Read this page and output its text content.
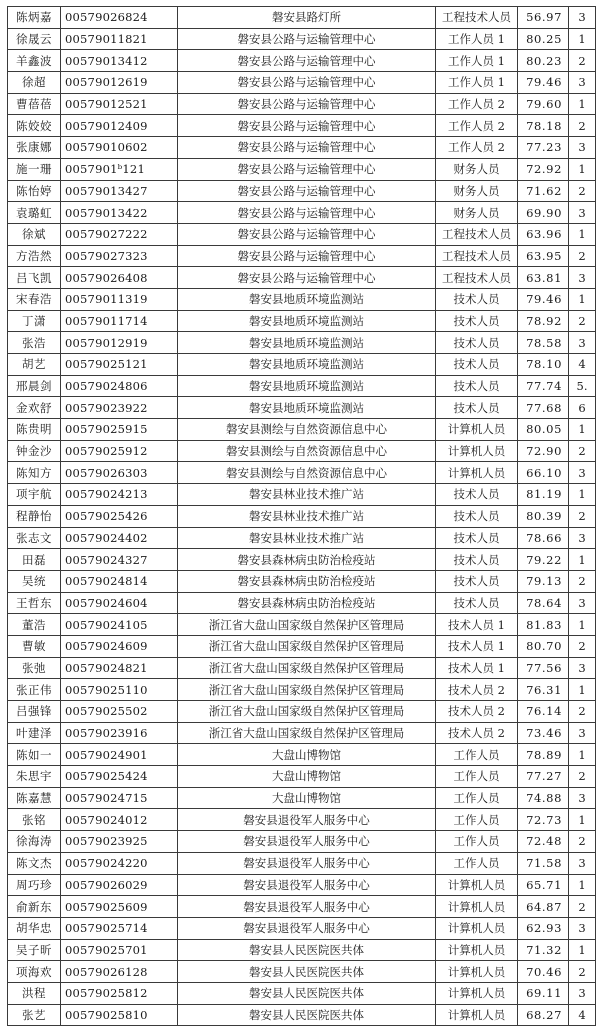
陈炳嘉	00579026824	磐安县路灯所	工程技术人员	56.97	3
徐晟云	00579011821	磐安县公路与运输管理中心	工作人员 1	80.25	1
羊鑫波	00579013412	磐安县公路与运输管理中心	工作人员 1	80.23	2
徐超	00579012619	磐安县公路与运输管理中心	工作人员 1	79.46	3
曹蓓蓓	00579012521	磐安县公路与运输管理中心	工作人员 2	79.60	1
陈姣姣	00579012409	磐安县公路与运输管理中心	工作人员 2	78.18	2
张康娜	00579010602	磐安县公路与运输管理中心	工作人员 2	77.23	3
施一珊	0057901ᵇ121	磐安县公路与运输管理中心	财务人员	72.92	1
陈怡婷	00579013427	磐安县公路与运输管理中心	财务人员	71.62	2
袁璐虹	00579013422	磐安县公路与运输管理中心	财务人员	69.90	3
徐斌	00579027222	磐安县公路与运输管理中心	工程技术人员	63.96	1
方浩然	00579027323	磐安县公路与运输管理中心	工程技术人员	63.95	2
吕飞凯	00579026408	磐安县公路与运输管理中心	工程技术人员	63.81	3
宋春浩	00579011319	磐安县地质环境监测站	技术人员	79.46	1
丁潇	00579011714	磐安县地质环境监测站	技术人员	78.92	2
张浩	00579012919	磐安县地质环境监测站	技术人员	78.58	3
胡艺	00579025121	磐安县地质环境监测站	技术人员	78.10	4
邢晨剑	00579024806	磐安县地质环境监测站	技术人员	77.74	5.
金欢舒	00579023922	磐安县地质环境监测站	技术人员	77.68	6
陈贵明	00579025915	磐安县测绘与自然资源信息中心	计算机人员	80.05	1
钟金沙	00579025912	磐安县测绘与自然资源信息中心	计算机人员	72.90	2
陈知方	00579026303	磐安县测绘与自然资源信息中心	计算机人员	66.10	3
项宇航	00579024213	磐安县林业技术推广站	技术人员	81.19	1
程静怡	00579025426	磐安县林业技术推广站	技术人员	80.39	2
张志文	00579024402	磐安县林业技术推广站	技术人员	78.66	3
田磊	00579024327	磐安县森林病虫防治检疫站	技术人员	79.22	1
吴统	00579024814	磐安县森林病虫防治检疫站	技术人员	79.13	2
王哲东	00579024604	磐安县森林病虫防治检疫站	技术人员	78.64	3
董浩	00579024105	浙江省大盘山国家级自然保护区管理局	技术人员 1	81.83	1
曹敏	00579024609	浙江省大盘山国家级自然保护区管理局	技术人员 1	80.70	2
张弛	00579024821	浙江省大盘山国家级自然保护区管理局	技术人员 1	77.56	3
张正伟	00579025110	浙江省大盘山国家级自然保护区管理局	技术人员 2	76.31	1
吕强锋	00579025502	浙江省大盘山国家级自然保护区管理局	技术人员 2	76.14	2
叶建泽	00579023916	浙江省大盘山国家级自然保护区管理局	技术人员 2	73.46	3
陈如一	00579024901	大盘山博物馆	工作人员	78.89	1
朱思宇	00579025424	大盘山博物馆	工作人员	77.27	2
陈嘉慧	00579024715	大盘山博物馆	工作人员	74.88	3
张铭	00579024012	磐安县退役军人服务中心	工作人员	72.73	1
徐海涛	00579023925	磐安县退役军人服务中心	工作人员	72.48	2
陈文杰	00579024220	磐安县退役军人服务中心	工作人员	71.58	3
周巧珍	00579026029	磐安县退役军人服务中心	计算机人员	65.71	1
俞新东	00579025609	磐安县退役军人服务中心	计算机人员	64.87	2
胡华忠	00579025714	磐安县退役军人服务中心	计算机人员	62.93	3
吴子昕	00579025701	磐安县人民医院医共体	计算机人员	71.32	1
项海欢	00579026128	磐安县人民医院医共体	计算机人员	70.46	2
洪程	00579025812	磐安县人民医院医共体	计算机人员	69.11	3
张艺	00579025810	磐安县人民医院医共体	计算机人员	68.27	4
